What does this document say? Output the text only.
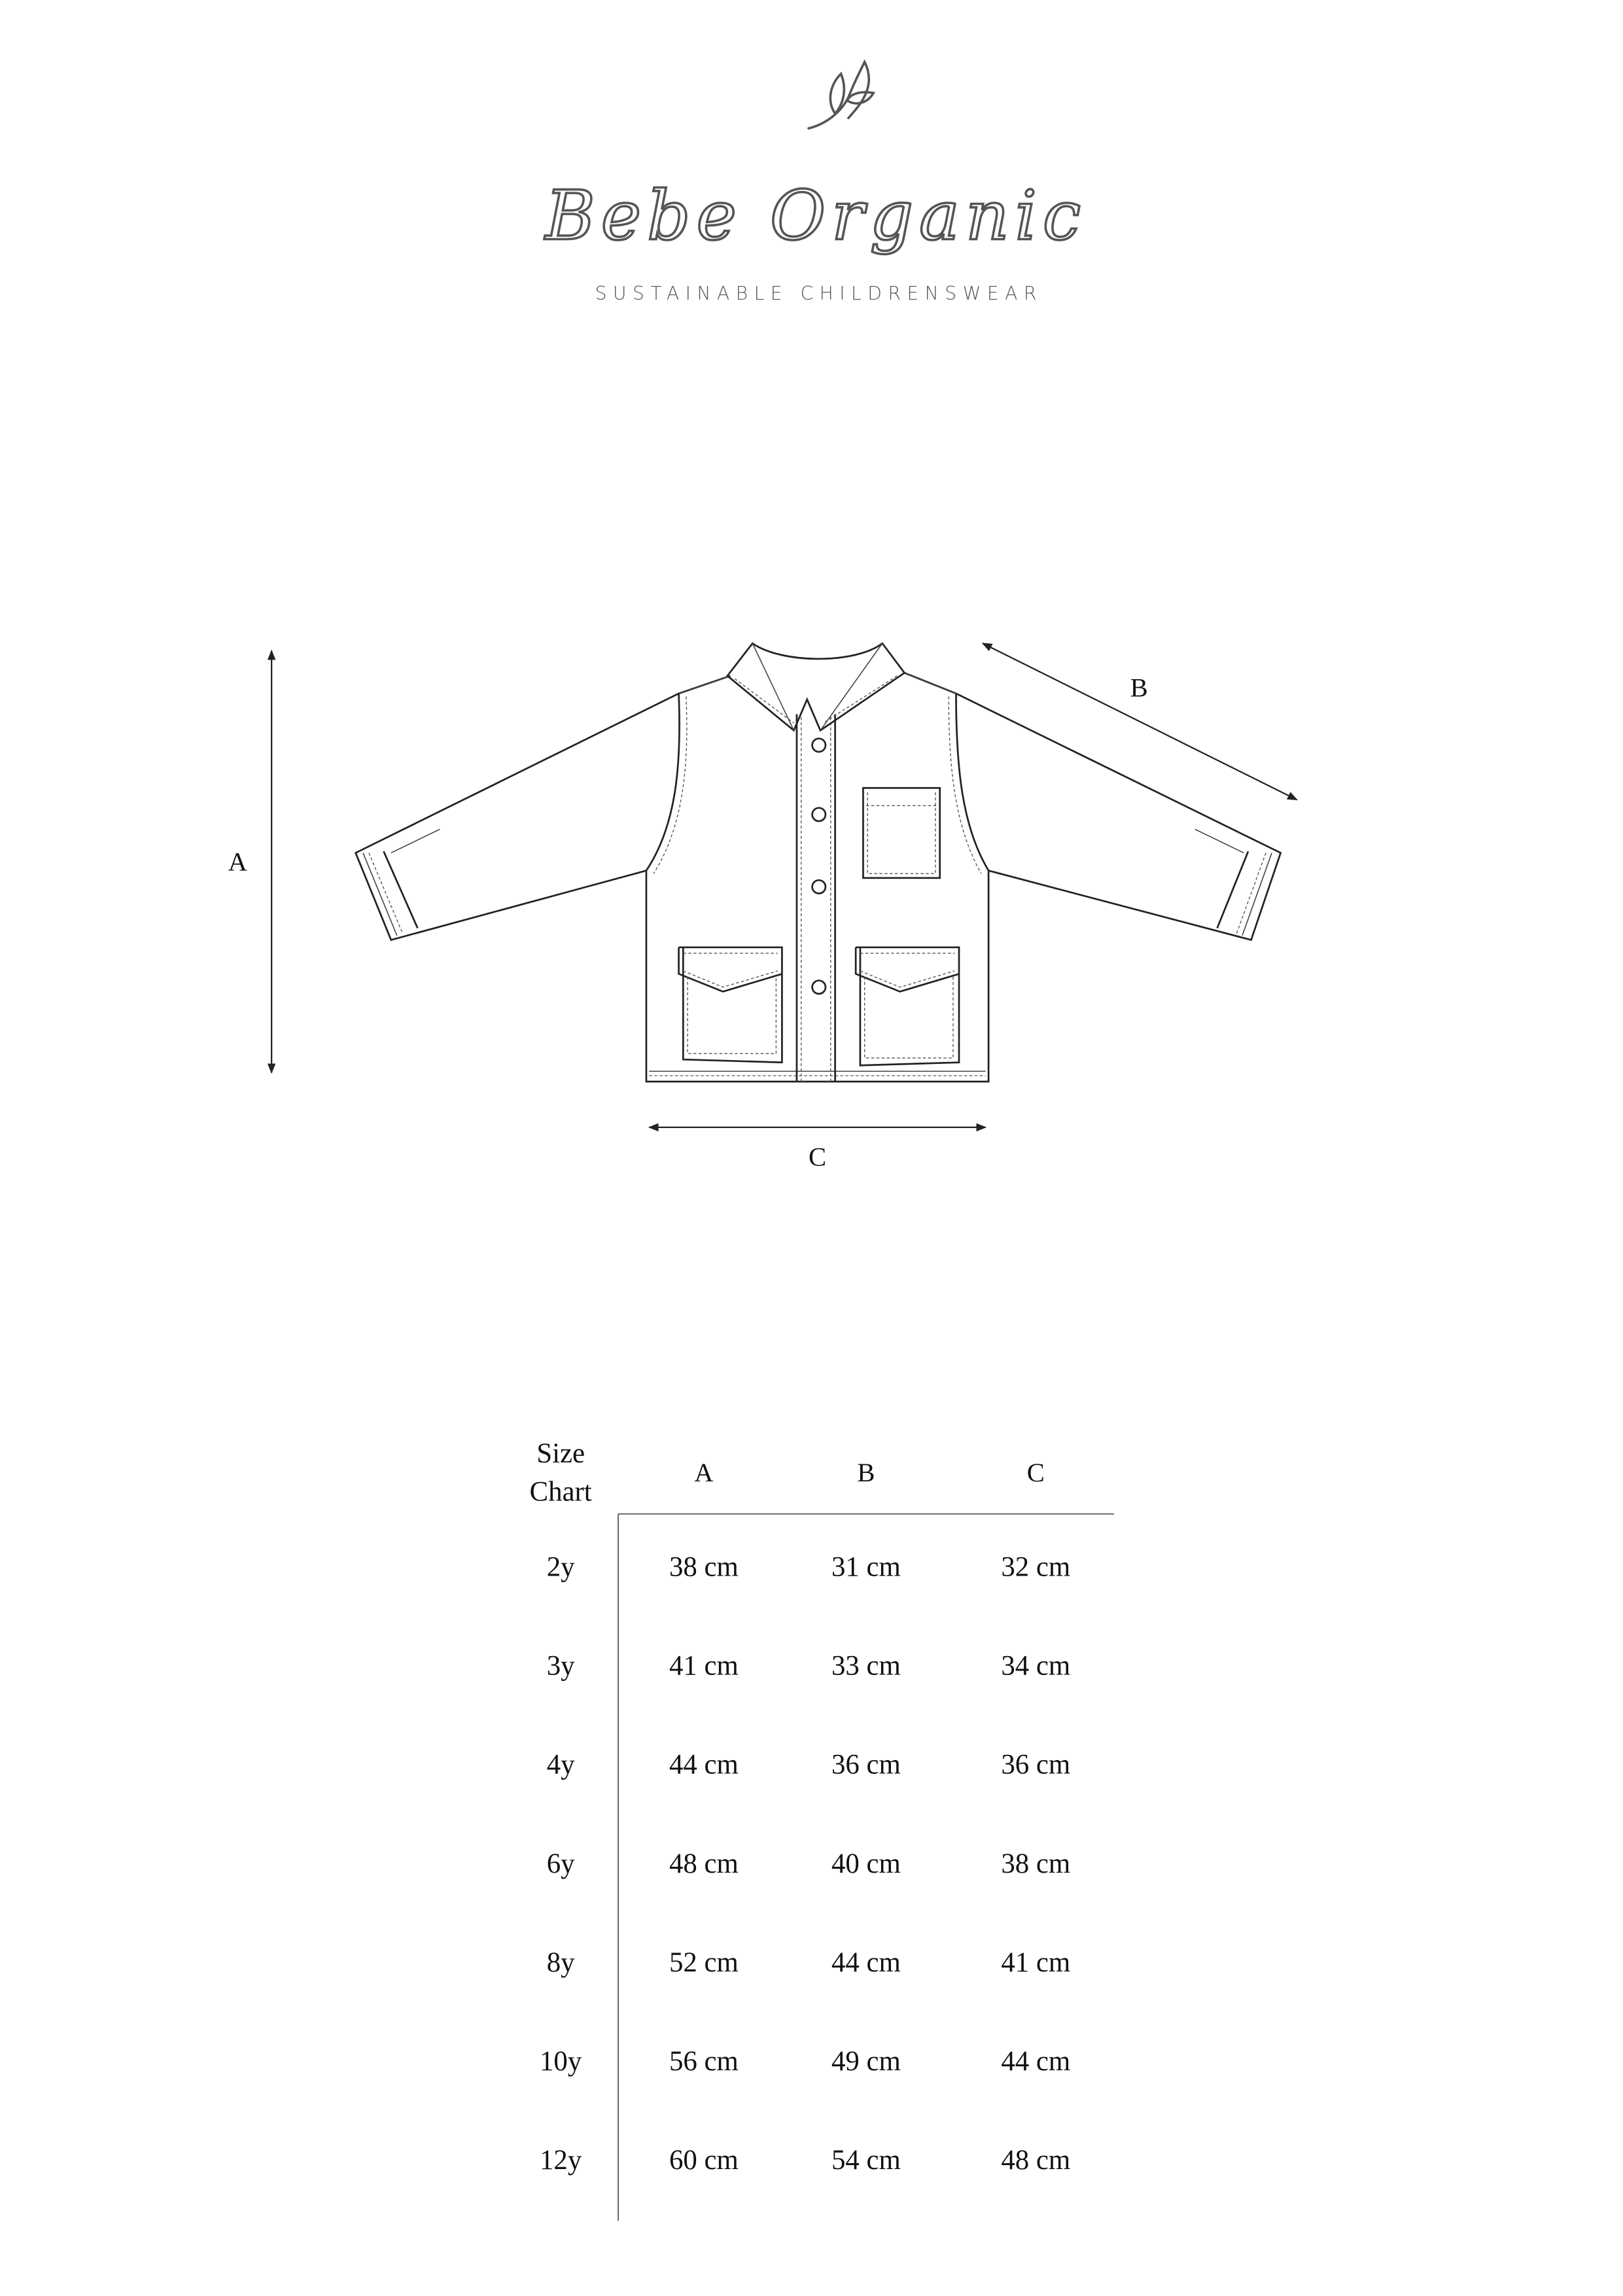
Bebe Organic
SUSTAINABLE CHILDRENSWEAR
A
B
C
Size
Chart
A	B	C
2y	38 cm	31 cm	32 cm
3y	41 cm	33 cm	34 cm
4y	44 cm	36 cm	36 cm
6y	48 cm	40 cm	38 cm
8y	52 cm	44 cm	41 cm
10y	56 cm	49 cm	44 cm
12y	60 cm	54 cm	48 cm
